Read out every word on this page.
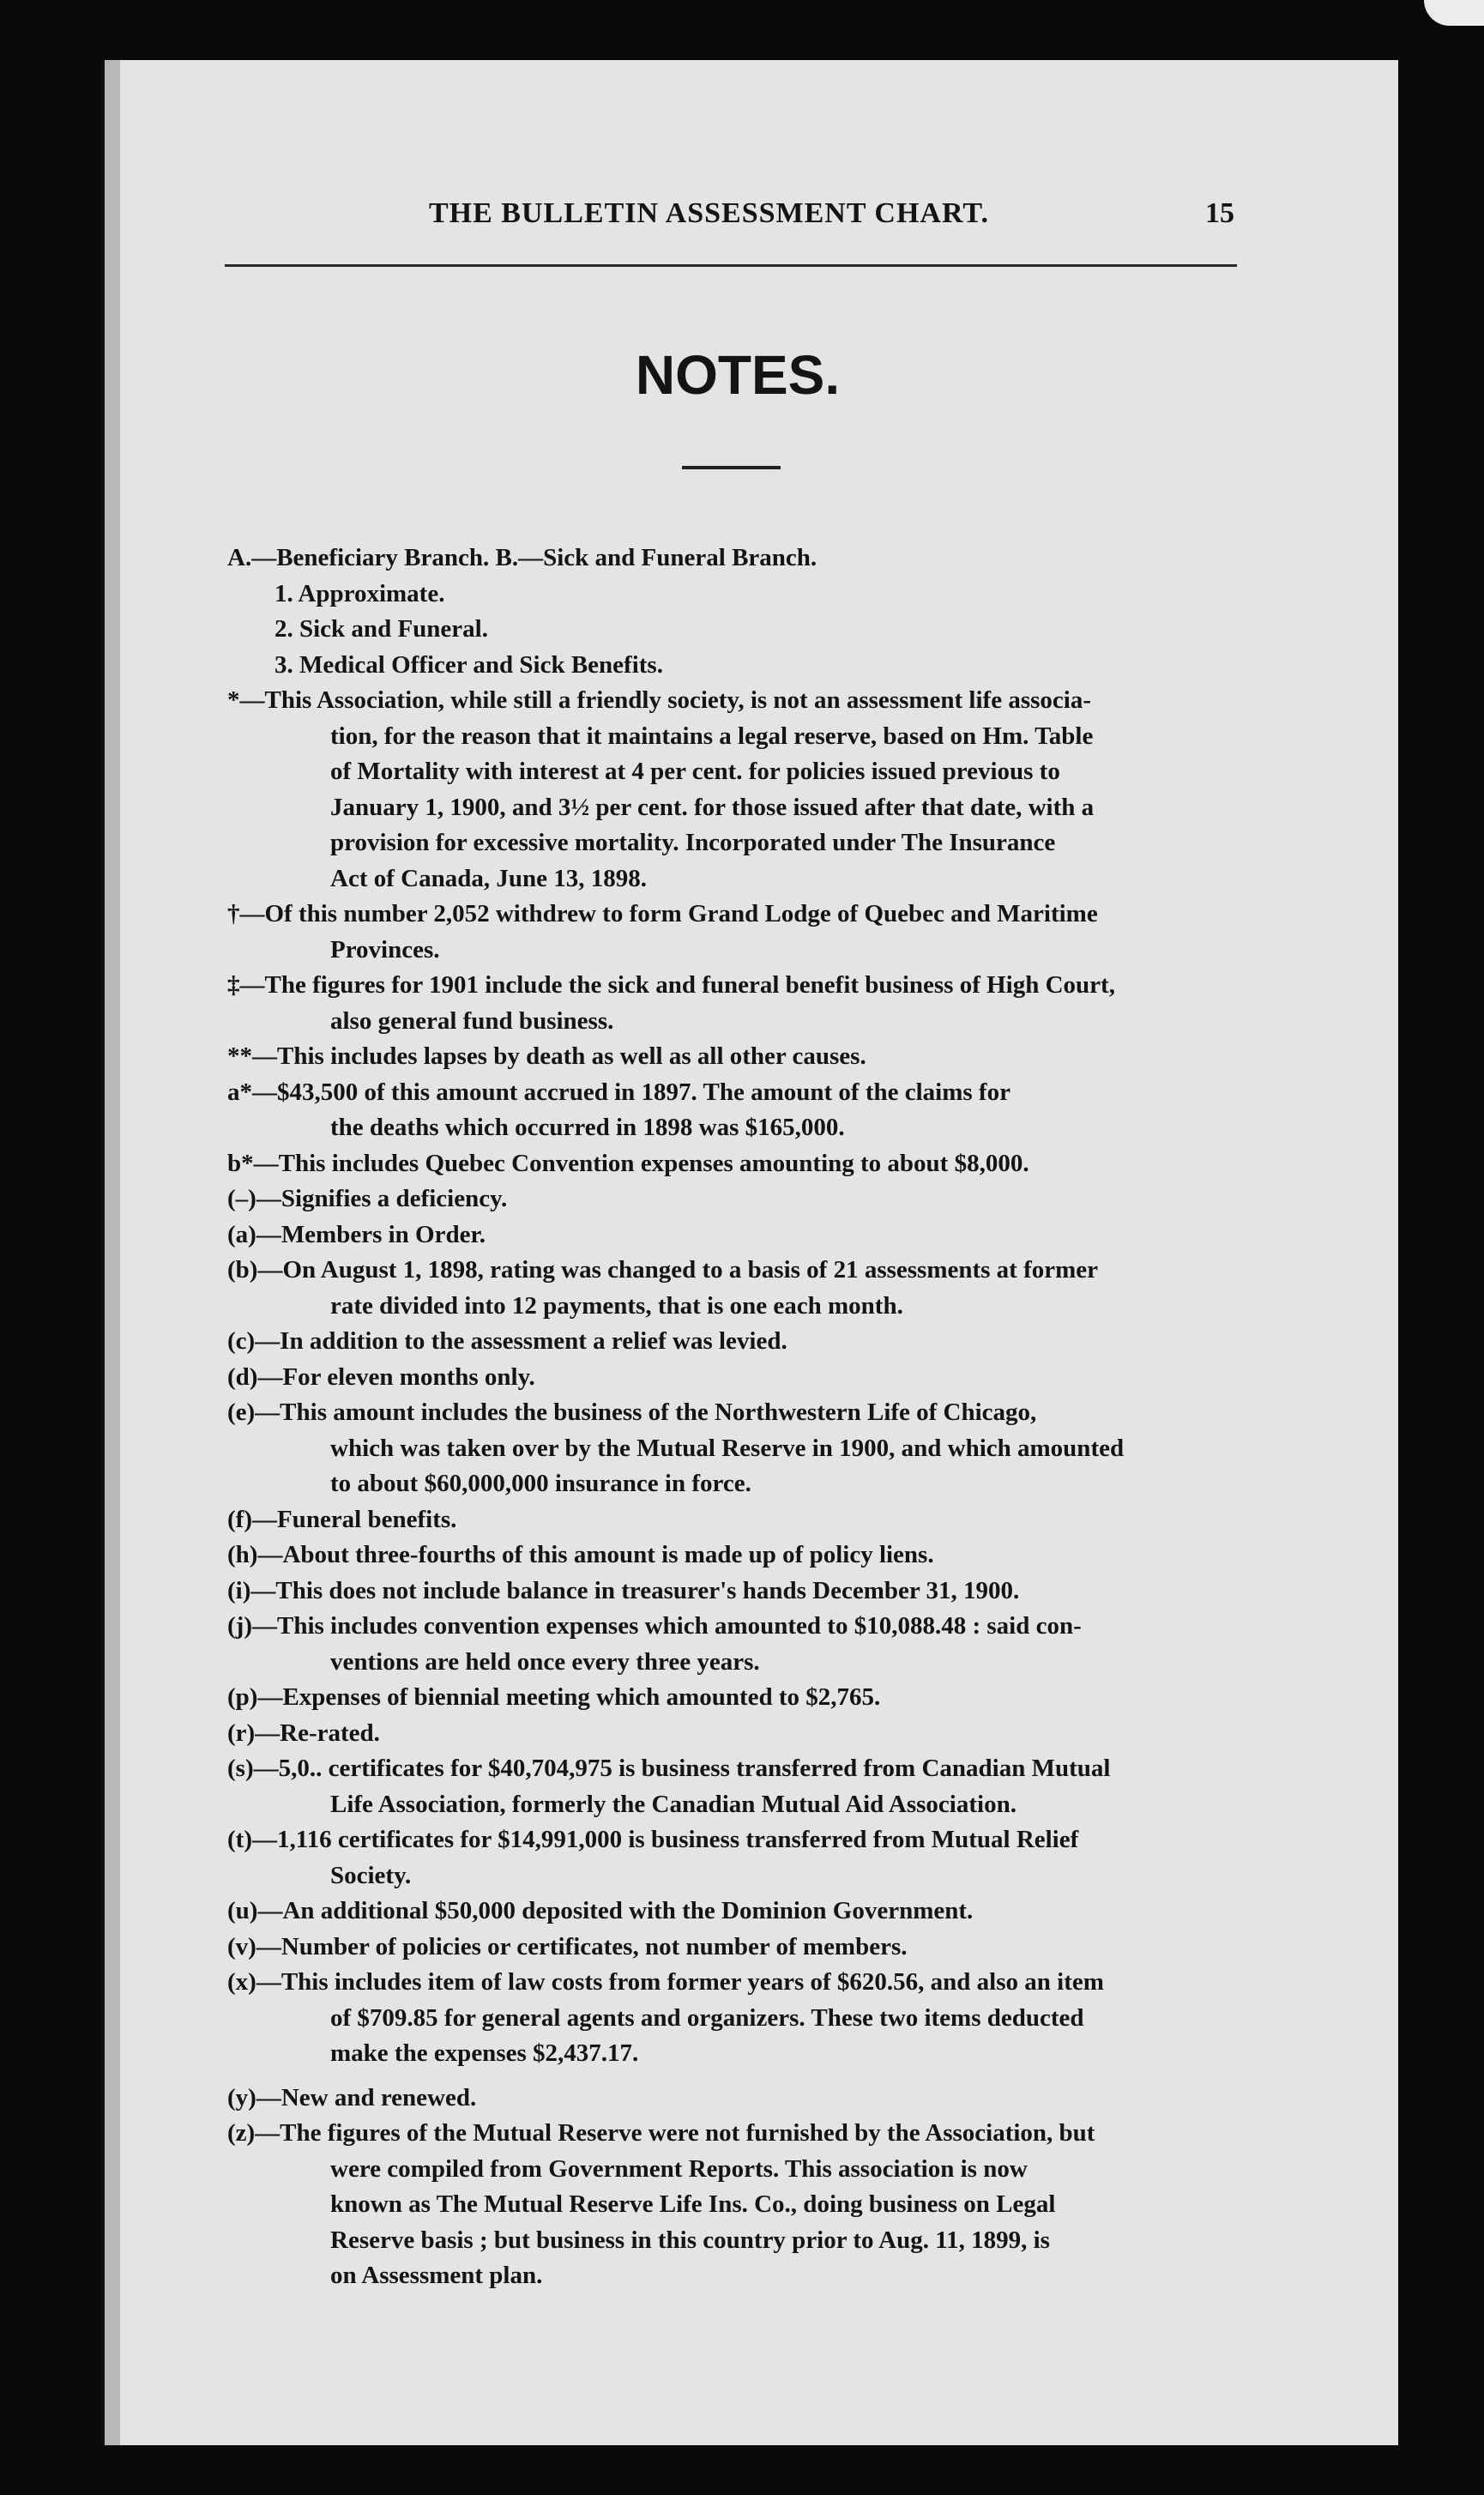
THE BULLETIN ASSESSMENT CHART.	15
NOTES.
A.—Beneficiary Branch. B.—Sick and Funeral Branch.
1. Approximate.
2. Sick and Funeral.
3. Medical Officer and Sick Benefits.
*—This Association, while still a friendly society, is not an assessment life associa-
tion, for the reason that it maintains a legal reserve, based on Hm. Table
of Mortality with interest at 4 per cent. for policies issued previous to
January 1, 1900, and 3½ per cent. for those issued after that date, with a
provision for excessive mortality. Incorporated under The Insurance
Act of Canada, June 13, 1898.
†—Of this number 2,052 withdrew to form Grand Lodge of Quebec and Maritime
Provinces.
‡—The figures for 1901 include the sick and funeral benefit business of High Court,
also general fund business.
**—This includes lapses by death as well as all other causes.
a*—$43,500 of this amount accrued in 1897. The amount of the claims for
the deaths which occurred in 1898 was $165,000.
b*—This includes Quebec Convention expenses amounting to about $8,000.
(–)—Signifies a deficiency.
(a)—Members in Order.
(b)—On August 1, 1898, rating was changed to a basis of 21 assessments at former
rate divided into 12 payments, that is one each month.
(c)—In addition to the assessment a relief was levied.
(d)—For eleven months only.
(e)—This amount includes the business of the Northwestern Life of Chicago,
which was taken over by the Mutual Reserve in 1900, and which amounted
to about $60,000,000 insurance in force.
(f)—Funeral benefits.
(h)—About three-fourths of this amount is made up of policy liens.
(i)—This does not include balance in treasurer's hands December 31, 1900.
(j)—This includes convention expenses which amounted to $10,088.48 : said con-
ventions are held once every three years.
(p)—Expenses of biennial meeting which amounted to $2,765.
(r)—Re-rated.
(s)—5,0.. certificates for $40,704,975 is business transferred from Canadian Mutual
Life Association, formerly the Canadian Mutual Aid Association.
(t)—1,116 certificates for $14,991,000 is business transferred from Mutual Relief
Society.
(u)—An additional $50,000 deposited with the Dominion Government.
(v)—Number of policies or certificates, not number of members.
(x)—This includes item of law costs from former years of $620.56, and also an item
of $709.85 for general agents and organizers. These two items deducted
make the expenses $2,437.17.
(y)—New and renewed.
(z)—The figures of the Mutual Reserve were not furnished by the Association, but
were compiled from Government Reports. This association is now
known as The Mutual Reserve Life Ins. Co., doing business on Legal
Reserve basis ; but business in this country prior to Aug. 11, 1899, is
on Assessment plan.
